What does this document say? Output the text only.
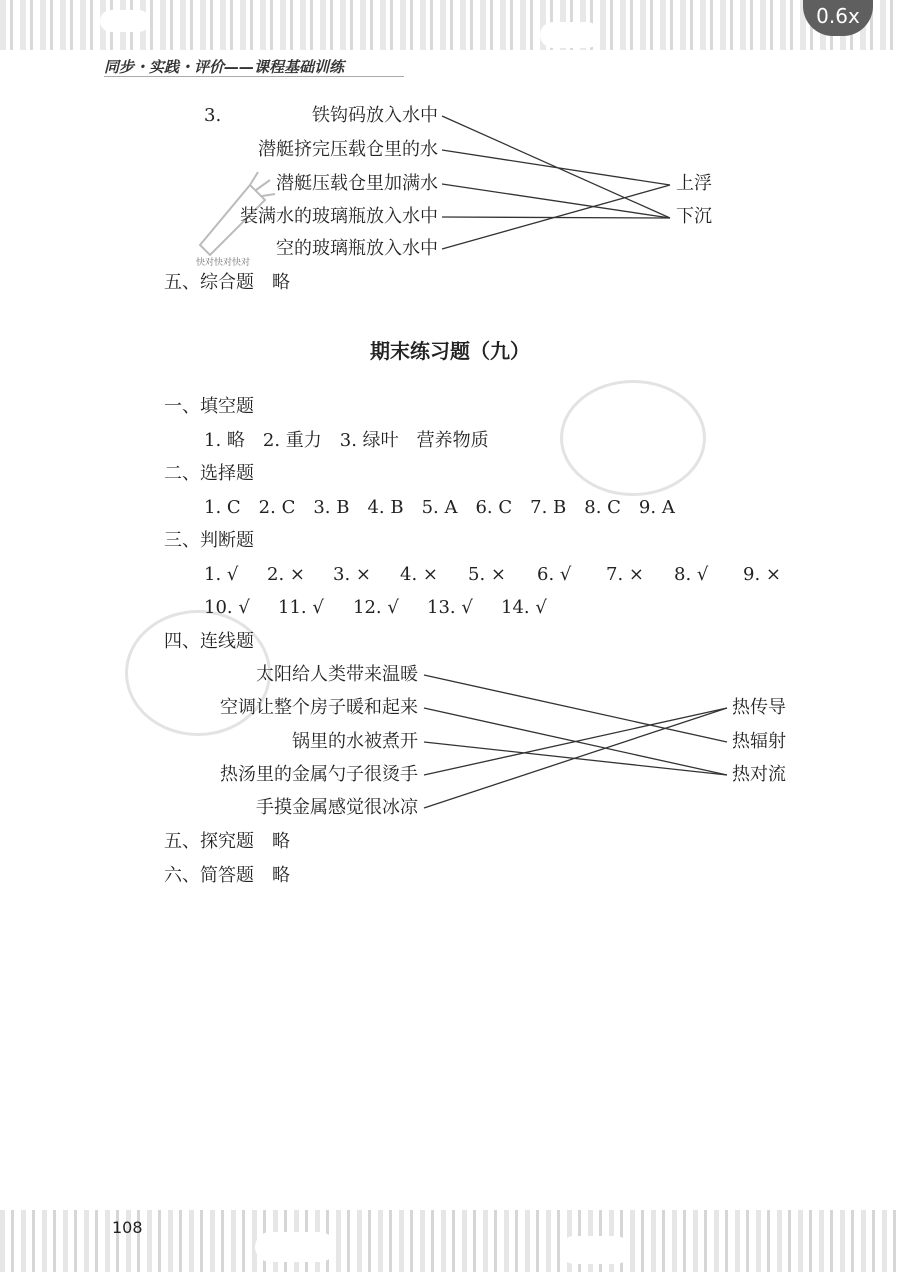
0.6x
同步・实践・评价——课程基础训练
快对快对快对
3.	铁钩码放入水中
潜艇挤完压载仓里的水
潜艇压载仓里加满水
装满水的玻璃瓶放入水中
空的玻璃瓶放入水中
上浮
下沉
五、综合题　略
期末练习题（九）
一、填空题
1. 略　2. 重力　3. 绿叶　营养物质
二、选择题
1. C　2. C　3. B　4. B　5. A　6. C　7. B　8. C　9. A
三、判断题
1. √ 2. × 3. × 4. × 5. × 6. √ 7. × 8. √ 9. ×
10. √ 11. √ 12. √ 13. √ 14. √
四、连线题
太阳给人类带来温暖
空调让整个房子暖和起来
锅里的水被煮开
热汤里的金属勺子很烫手
手摸金属感觉很冰凉
热传导
热辐射
热对流
五、探究题　略
六、简答题　略
108
